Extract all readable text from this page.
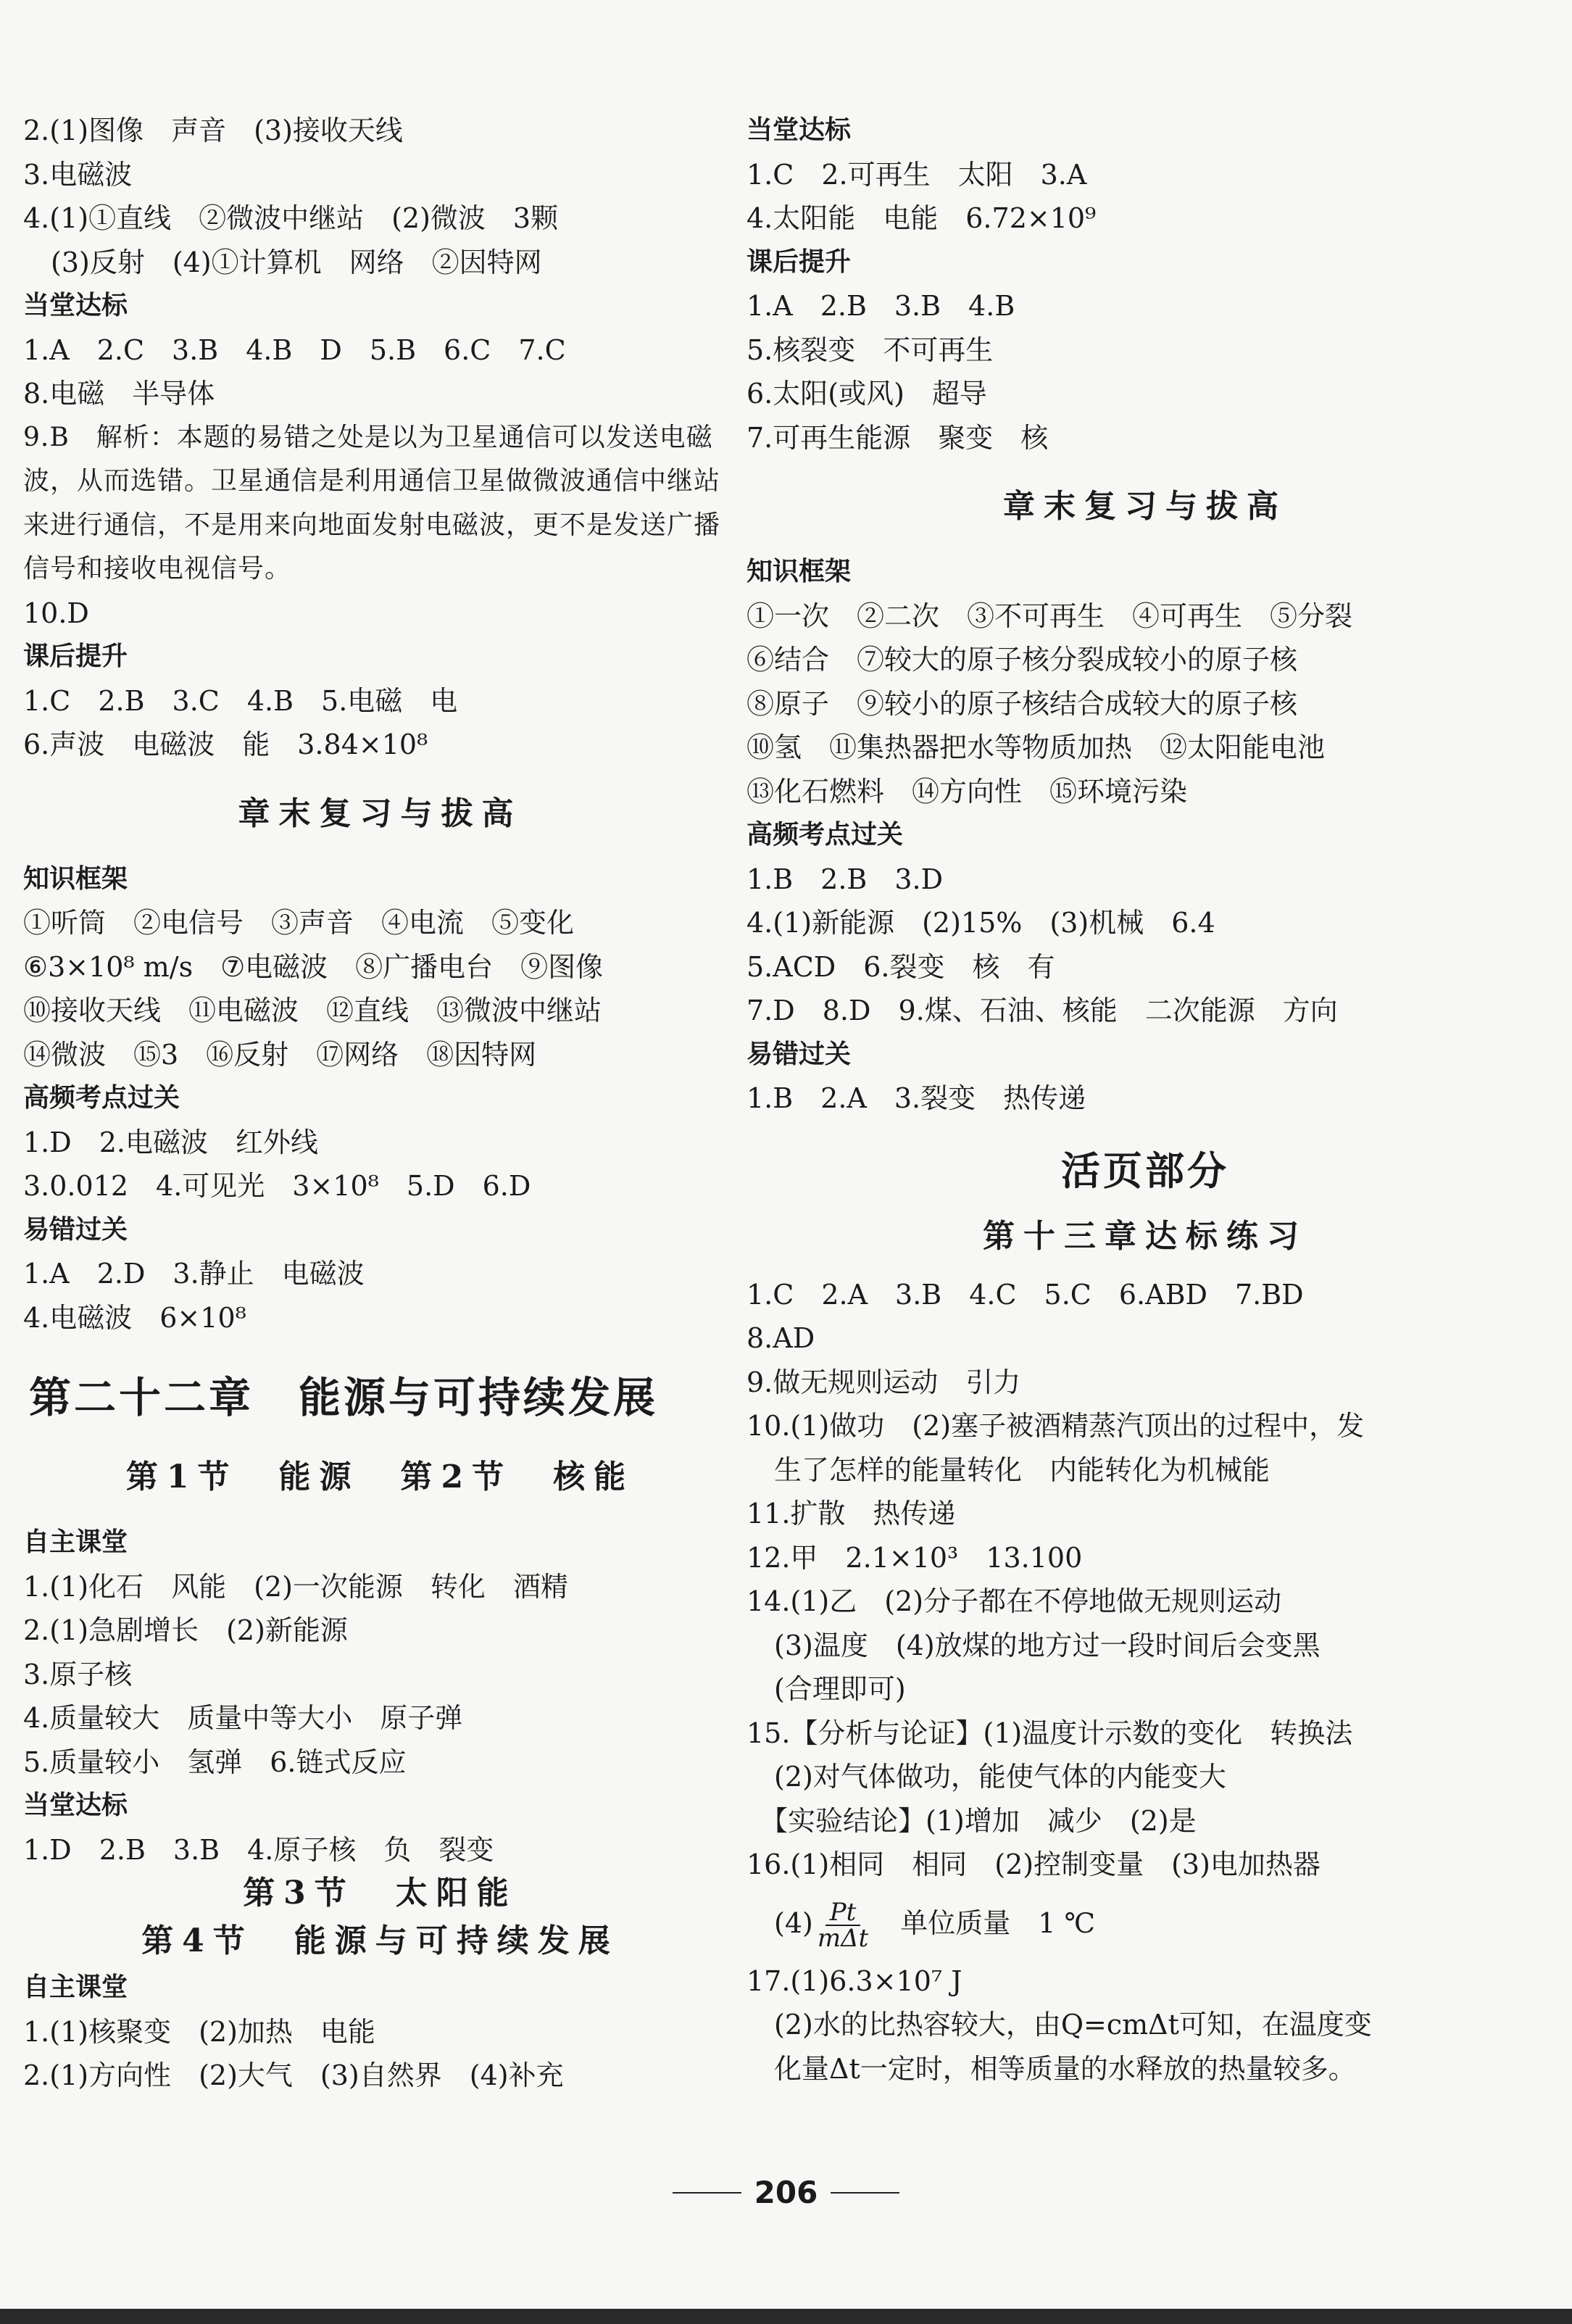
2.(1)图像　声音　(3)接收天线
3.电磁波
4.(1)①直线　②微波中继站　(2)微波　3颗
　(3)反射　(4)①计算机　网络　②因特网
当堂达标
1.A　2.C　3.B　4.B　D　5.B　6.C　7.C
8.电磁　半导体
9.B　解析：本题的易错之处是以为卫星通信可以发送电磁波，从而选错。卫星通信是利用通信卫星做微波通信中继站来进行通信，不是用来向地面发射电磁波，更不是发送广播信号和接收电视信号。
10.D
课后提升
1.C　2.B　3.C　4.B　5.电磁　电
6.声波　电磁波　能　3.84×10⁸
章末复习与拔高
知识框架
①听筒　②电信号　③声音　④电流　⑤变化
⑥3×10⁸ m/s　⑦电磁波　⑧广播电台　⑨图像
⑩接收天线　⑪电磁波　⑫直线　⑬微波中继站
⑭微波　⑮3　⑯反射　⑰网络　⑱因特网
高频考点过关
1.D　2.电磁波　红外线
3.0.012　4.可见光　3×10⁸　5.D　6.D
易错过关
1.A　2.D　3.静止　电磁波
4.电磁波　6×10⁸
第二十二章　能源与可持续发展
第1节　能源　第2节　核能
自主课堂
1.(1)化石　风能　(2)一次能源　转化　酒精
2.(1)急剧增长　(2)新能源
3.原子核
4.质量较大　质量中等大小　原子弹
5.质量较小　氢弹　6.链式反应
当堂达标
1.D　2.B　3.B　4.原子核　负　裂变
第3节　太阳能
第4节　能源与可持续发展
自主课堂
1.(1)核聚变　(2)加热　电能
2.(1)方向性　(2)大气　(3)自然界　(4)补充
当堂达标
1.C　2.可再生　太阳　3.A
4.太阳能　电能　6.72×10⁹
课后提升
1.A　2.B　3.B　4.B
5.核裂变　不可再生
6.太阳(或风)　超导
7.可再生能源　聚变　核
章末复习与拔高
知识框架
①一次　②二次　③不可再生　④可再生　⑤分裂
⑥结合　⑦较大的原子核分裂成较小的原子核
⑧原子　⑨较小的原子核结合成较大的原子核
⑩氢　⑪集热器把水等物质加热　⑫太阳能电池
⑬化石燃料　⑭方向性　⑮环境污染
高频考点过关
1.B　2.B　3.D
4.(1)新能源　(2)15%　(3)机械　6.4
5.ACD　6.裂变　核　有
7.D　8.D　9.煤、石油、核能　二次能源　方向
易错过关
1.B　2.A　3.裂变　热传递
活页部分
第十三章达标练习
1.C　2.A　3.B　4.C　5.C　6.ABD　7.BD
8.AD
9.做无规则运动　引力
10.(1)做功　(2)塞子被酒精蒸汽顶出的过程中，发
　生了怎样的能量转化　内能转化为机械能
11.扩散　热传递
12.甲　2.1×10³　13.100
14.(1)乙　(2)分子都在不停地做无规则运动
　(3)温度　(4)放煤的地方过一段时间后会变黑
　(合理即可)
15.【分析与论证】(1)温度计示数的变化　转换法
　(2)对气体做功，能使气体的内能变大
　【实验结论】(1)增加　减少　(2)是
16.(1)相同　相同　(2)控制变量　(3)电加热器
　$(4) \frac{Pt}{\text{mΔt}}$ 　单位质量　1 ℃
17.(1)6.3×10⁷ J
　(2)水的比热容较大，由Q=cmΔt可知，在温度变
　化量Δt一定时，相等质量的水释放的热量较多。
206
